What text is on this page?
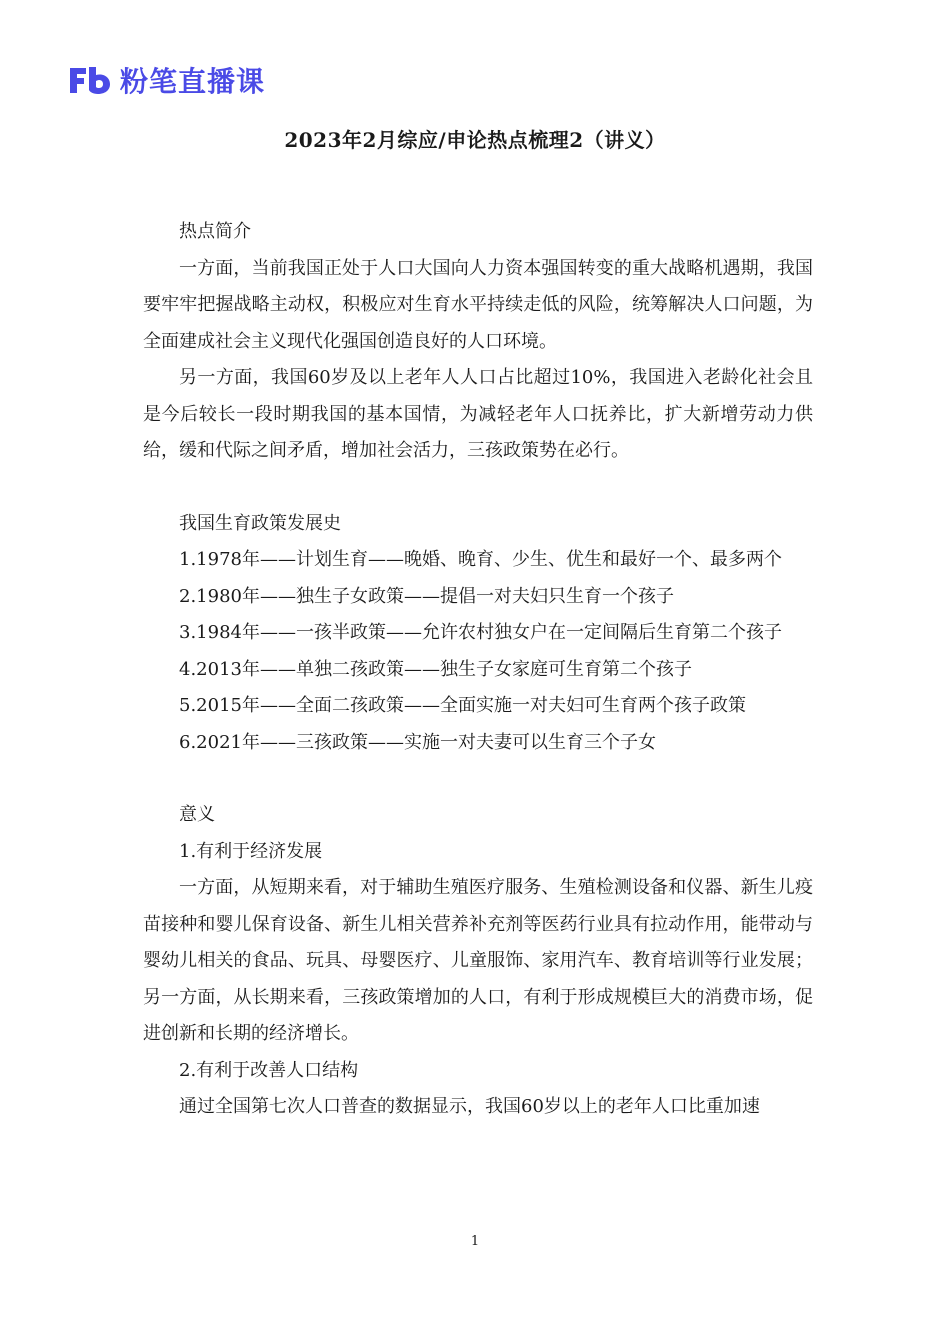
粉笔直播课
2023年2月综应/申论热点梳理2（讲义）

热点简介

一方面，当前我国正处于人口大国向人力资本强国转变的重大战略机遇期，我国要牢牢把握战略主动权，积极应对生育水平持续走低的风险，统筹解决人口问题，为全面建成社会主义现代化强国创造良好的人口环境。

另一方面，我国60岁及以上老年人人口占比超过10%，我国进入老龄化社会且是今后较长一段时期我国的基本国情，为减轻老年人口抚养比，扩大新增劳动力供给，缓和代际之间矛盾，增加社会活力，三孩政策势在必行。

我国生育政策发展史

1.1978年——计划生育——晚婚、晚育、少生、优生和最好一个、最多两个

2.1980年——独生子女政策——提倡一对夫妇只生育一个孩子

3.1984年——一孩半政策——允许农村独女户在一定间隔后生育第二个孩子

4.2013年——单独二孩政策——独生子女家庭可生育第二个孩子

5.2015年——全面二孩政策——全面实施一对夫妇可生育两个孩子政策

6.2021年——三孩政策——实施一对夫妻可以生育三个子女

意义

1.有利于经济发展

一方面，从短期来看，对于辅助生殖医疗服务、生殖检测设备和仪器、新生儿疫苗接种和婴儿保育设备、新生儿相关营养补充剂等医药行业具有拉动作用，能带动与婴幼儿相关的食品、玩具、母婴医疗、儿童服饰、家用汽车、教育培训等行业发展；另一方面，从长期来看，三孩政策增加的人口，有利于形成规模巨大的消费市场，促进创新和长期的经济增长。

2.有利于改善人口结构

通过全国第七次人口普查的数据显示，我国60岁以上的老年人口比重加速

1
